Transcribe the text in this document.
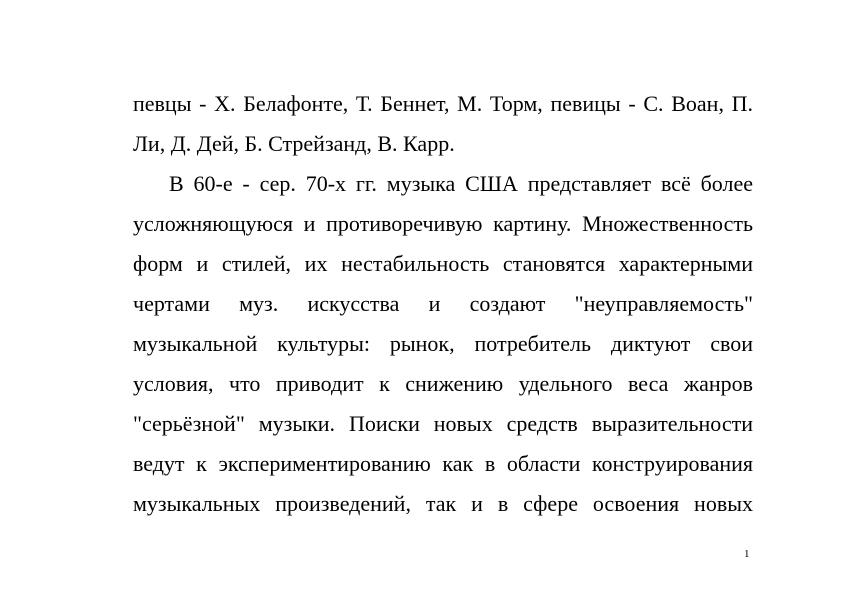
певцы - Х. Белафонте, Т. Беннет, М. Торм, певицы - С. Воан, П.
Ли, Д. Дей, Б. Стрейзанд, В. Карр.
В 60-е - сер. 70-х гг. музыка США представляет всё более
усложняющуюся и противоречивую картину. Множественность
форм и стилей, их нестабильность становятся характерными
чертами муз. искусства и создают "неуправляемость"
музыкальной культуры: рынок, потребитель диктуют свои
условия, что приводит к снижению удельного веса жанров
"серьёзной" музыки. Поиски новых средств выразительности
ведут к экспериментированию как в области конструирования
музыкальных произведений, так и в сфере освоения новых
1
